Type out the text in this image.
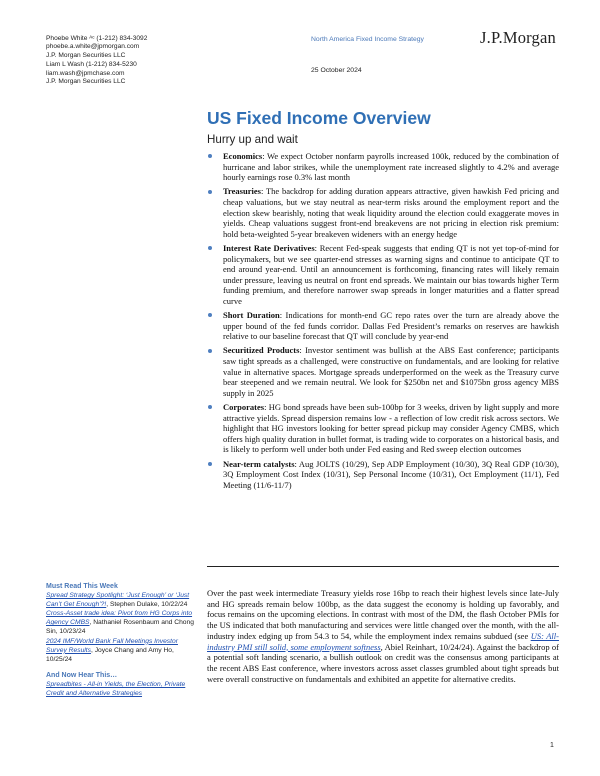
Phoebe White ᴬᶜ (1-212) 834-3092
phoebe.a.white@jpmorgan.com
J.P. Morgan Securities LLC
Liam L Wash (1-212) 834-5230
liam.wash@jpmchase.com
J.P. Morgan Securities LLC
North America Fixed Income Strategy
25 October 2024
J.P.Morgan
US Fixed Income Overview
Hurry up and wait
Economics: We expect October nonfarm payrolls increased 100k, reduced by the combination of hurricane and labor strikes, while the unemployment rate increased slightly to 4.2% and average hourly earnings rose 0.3% last month
Treasuries: The backdrop for adding duration appears attractive, given hawkish Fed pricing and cheap valuations, but we stay neutral as near-term risks around the employment report and the election skew bearishly, noting that weak liquidity around the election could exaggerate moves in yields. Cheap valuations suggest front-end breakevens are not pricing in election risk premium: hold beta-weighted 5-year breakeven wideners with an energy hedge
Interest Rate Derivatives: Recent Fed-speak suggests that ending QT is not yet top-of-mind for policymakers, but we see quarter-end stresses as warning signs and continue to anticipate QT to end around year-end. Until an announcement is forthcoming, financing rates will likely remain under pressure, leaving us neutral on front end spreads. We maintain our bias towards higher Term funding premium, and therefore narrower swap spreads in longer maturities and a flatter spread curve
Short Duration: Indications for month-end GC repo rates over the turn are already above the upper bound of the fed funds corridor. Dallas Fed President’s remarks on reserves are hawkish relative to our baseline forecast that QT will conclude by year-end
Securitized Products: Investor sentiment was bullish at the ABS East conference; participants saw tight spreads as a challenged, were constructive on fundamentals, and are looking for relative value in alternative spaces. Mortgage spreads underperformed on the week as the Treasury curve bear steepened and we remain neutral. We look for $250bn net and $1075bn gross agency MBS supply in 2025
Corporates: HG bond spreads have been sub-100bp for 3 weeks, driven by light supply and more attractive yields. Spread dispersion remains low - a reflection of low credit risk across sectors. We highlight that HG investors looking for better spread pickup may consider Agency CMBS, which offers high quality duration in bullet format, is trading wide to corporates on a historical basis, and is likely to perform well under both under Fed easing and Red sweep election outcomes
Near-term catalysts: Aug JOLTS (10/29), Sep ADP Employment (10/30), 3Q Real GDP (10/30), 3Q Employment Cost Index (10/31), Sep Personal Income (10/31), Oct Employment (11/1), Fed Meeting (11/6-11/7)
Must Read This Week

Spread Strategy Spotlight: ‘Just Enough’ or ‘Just Can’t Get Enough’?!, Stephen Dulake, 10/22/24

Cross-Asset trade idea: Pivot from HG Corps into Agency CMBS, Nathaniel Rosenbaum and Chong Sin, 10/23/24

2024 IMF/World Bank Fall Meetings Investor Survey Results, Joyce Chang and Amy Ho, 10/25/24

And Now Hear This…

Spreadbites - All-in Yields, the Election, Private Credit and Alternative Strategies

Over the past week intermediate Treasury yields rose 16bp to reach their highest levels since late-July and HG spreads remain below 100bp, as the data suggest the economy is holding up favorably, and focus remains on the upcoming elections. In contrast with most of the DM, the flash October PMIs for the US indicated that both manufacturing and services were little changed over the month, with the all-industry index edging up from 54.3 to 54, while the employment index remains subdued (see US: All-industry PMI still solid, some employment softness, Abiel Reinhart, 10/24/24). Against the backdrop of a potential soft landing scenario, a bullish outlook on credit was the consensus among participants at the recent ABS East conference, where investors across asset classes grumbled about tight spreads but were overall constructive on fundamentals and exhibited an appetite for alternative credits.

1
